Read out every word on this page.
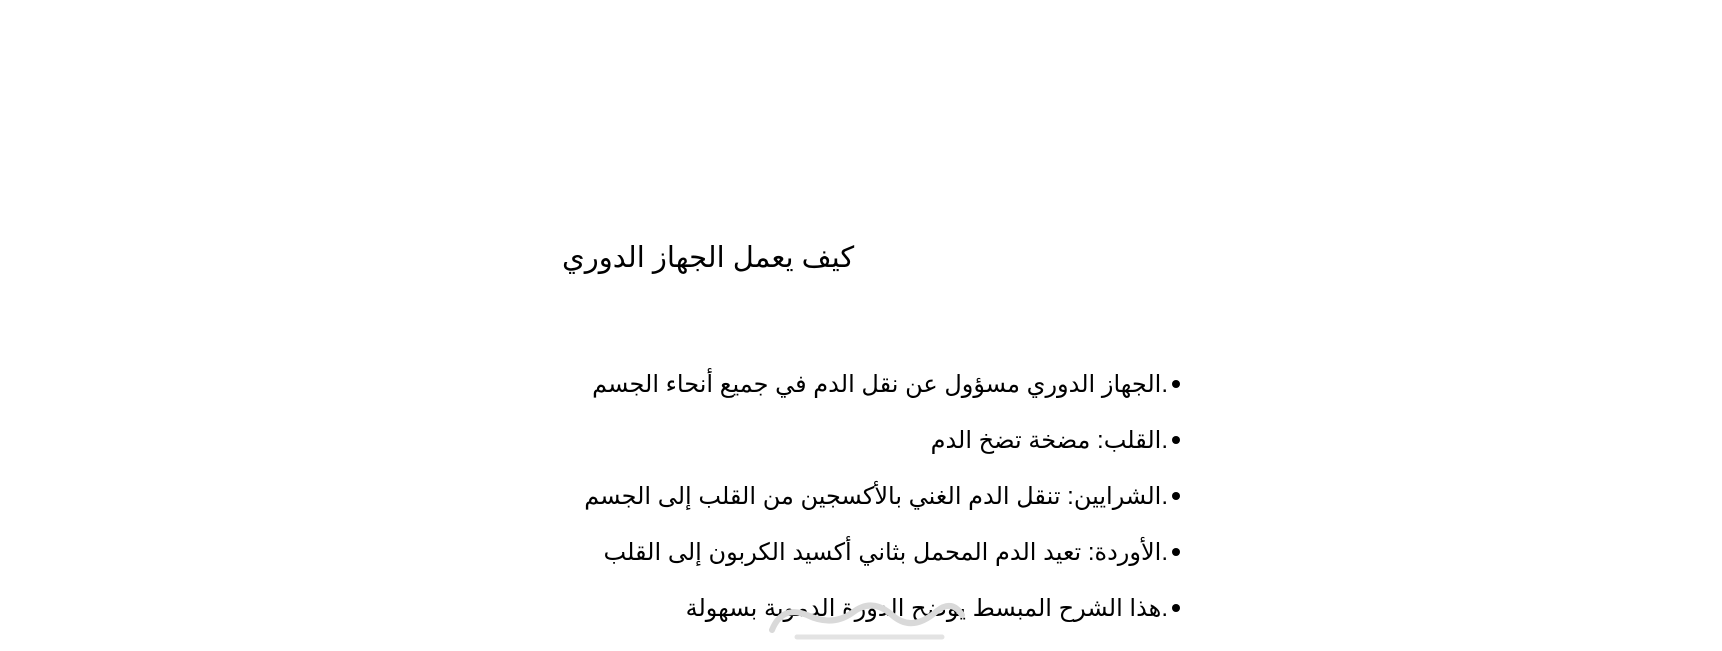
كيف يعمل الجهاز الدوري
.الجهاز الدوري مسؤول عن نقل الدم في جميع أنحاء الجسم
.القلب: مضخة تضخ الدم
.الشرايين: تنقل الدم الغني بالأكسجين من القلب إلى الجسم
.الأوردة: تعيد الدم المحمل بثاني أكسيد الكربون إلى القلب
.هذا الشرح المبسط يوضح الدورة الدموية بسهولة
